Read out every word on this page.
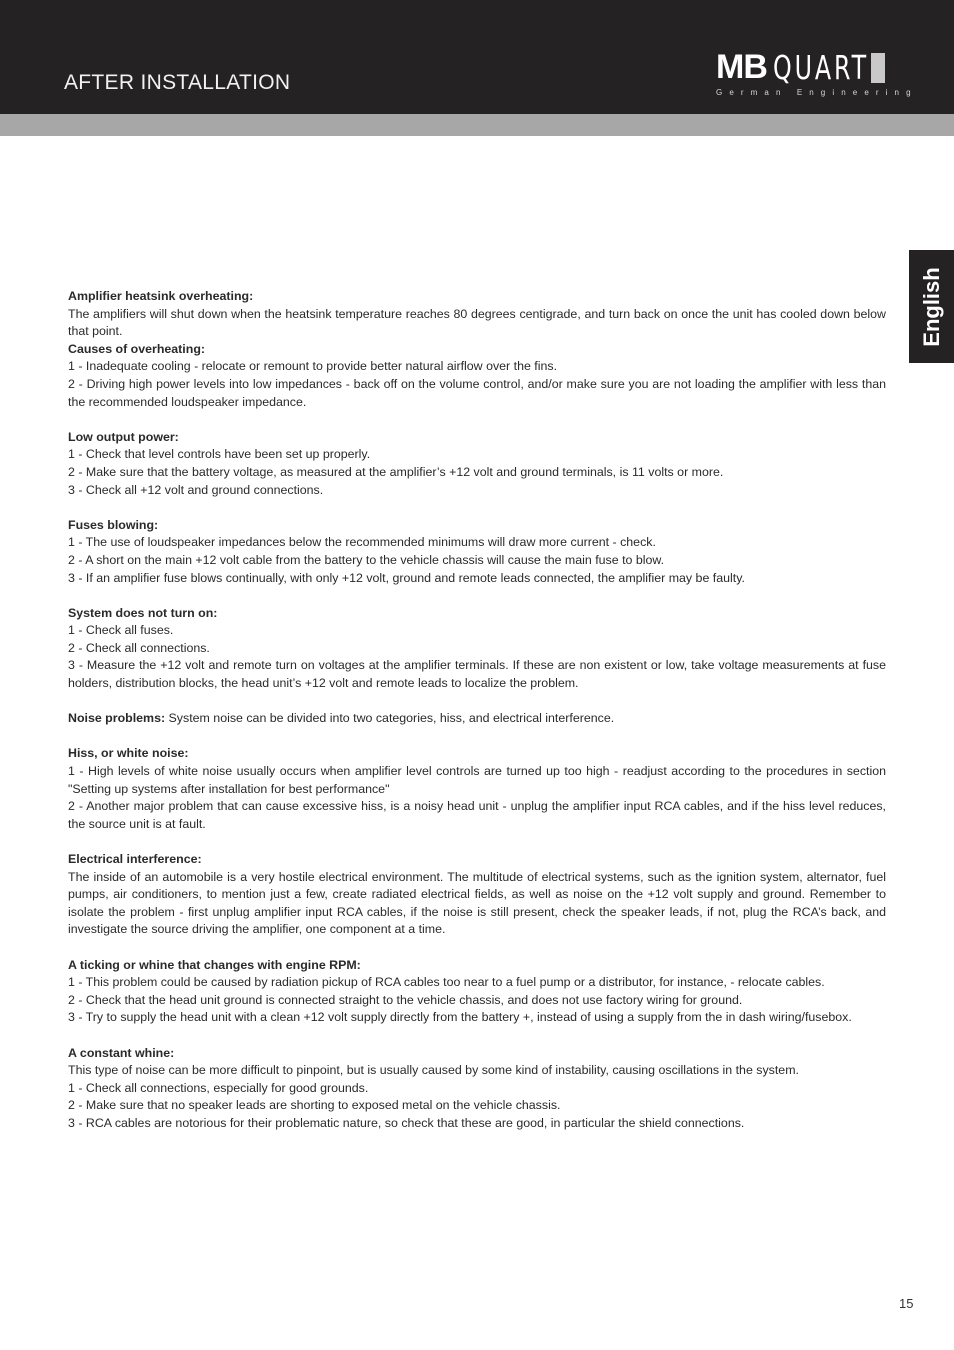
AFTER INSTALLATION	MB QUART
German Engineering
English

Amplifier heatsink overheating:

The amplifiers will shut down when the heatsink temperature reaches 80 degrees centigrade, and turn back on once the unit has cooled down below that point.

Causes of overheating:

1 - Inadequate cooling - relocate or remount to provide better natural airflow over the fins.

2 - Driving high power levels into low impedances - back off on the volume control, and/or make sure you are not loading the amplifier with less than the recommended loudspeaker impedance.

Low output power:

1 - Check that level controls have been set up properly.

2 - Make sure that the battery voltage, as measured at the amplifier’s +12 volt and ground terminals, is 11 volts or more.

3 - Check all +12 volt and ground connections.

Fuses blowing:

1 - The use of loudspeaker impedances below the recommended minimums will draw more current - check.

2 - A short on the main +12 volt cable from the battery to the vehicle chassis will cause the main fuse to blow.

3 - If an amplifier fuse blows continually, with only +12 volt, ground and remote leads connected, the amplifier may be faulty.

System does not turn on:

1 - Check all fuses.

2 - Check all connections.

3 - Measure the +12 volt and remote turn on voltages at the amplifier terminals. If these are non existent or low, take voltage measurements at fuse holders, distribution blocks, the head unit’s +12 volt and remote leads to localize the problem.

Noise problems: System noise can be divided into two categories, hiss, and electrical interference.

Hiss, or white noise:

1 - High levels of white noise usually occurs when amplifier level controls are turned up too high - readjust according to the procedures in section "Setting up systems after installation for best performance"

2 - Another major problem that can cause excessive hiss, is a noisy head unit - unplug the amplifier input RCA cables, and if the hiss level reduces, the source unit is at fault.

Electrical interference:

The inside of an automobile is a very hostile electrical environment. The multitude of electrical systems, such as the ignition system, alternator, fuel pumps, air conditioners, to mention just a few, create radiated electrical fields, as well as noise on the +12 volt supply and ground. Remember to isolate the problem - first unplug amplifier input RCA cables, if the noise is still present, check the speaker leads, if not, plug the RCA’s back, and investigate the source driving the amplifier, one component at a time.

A ticking or whine that changes with engine RPM:

1 - This problem could be caused by radiation pickup of RCA cables too near to a fuel pump or a distributor, for instance, - relocate cables.

2 - Check that the head unit ground is connected straight to the vehicle chassis, and does not use factory wiring for ground.

3 - Try to supply the head unit with a clean +12 volt supply directly from the battery +, instead of using a supply from the in dash wiring/fusebox.

A constant whine:

This type of noise can be more difficult to pinpoint, but is usually caused by some kind of instability, causing oscillations in the system.

1 - Check all connections, especially for good grounds.

2 - Make sure that no speaker leads are shorting to exposed metal on the vehicle chassis.

3 - RCA cables are notorious for their problematic nature, so check that these are good, in particular the shield connections.

15
